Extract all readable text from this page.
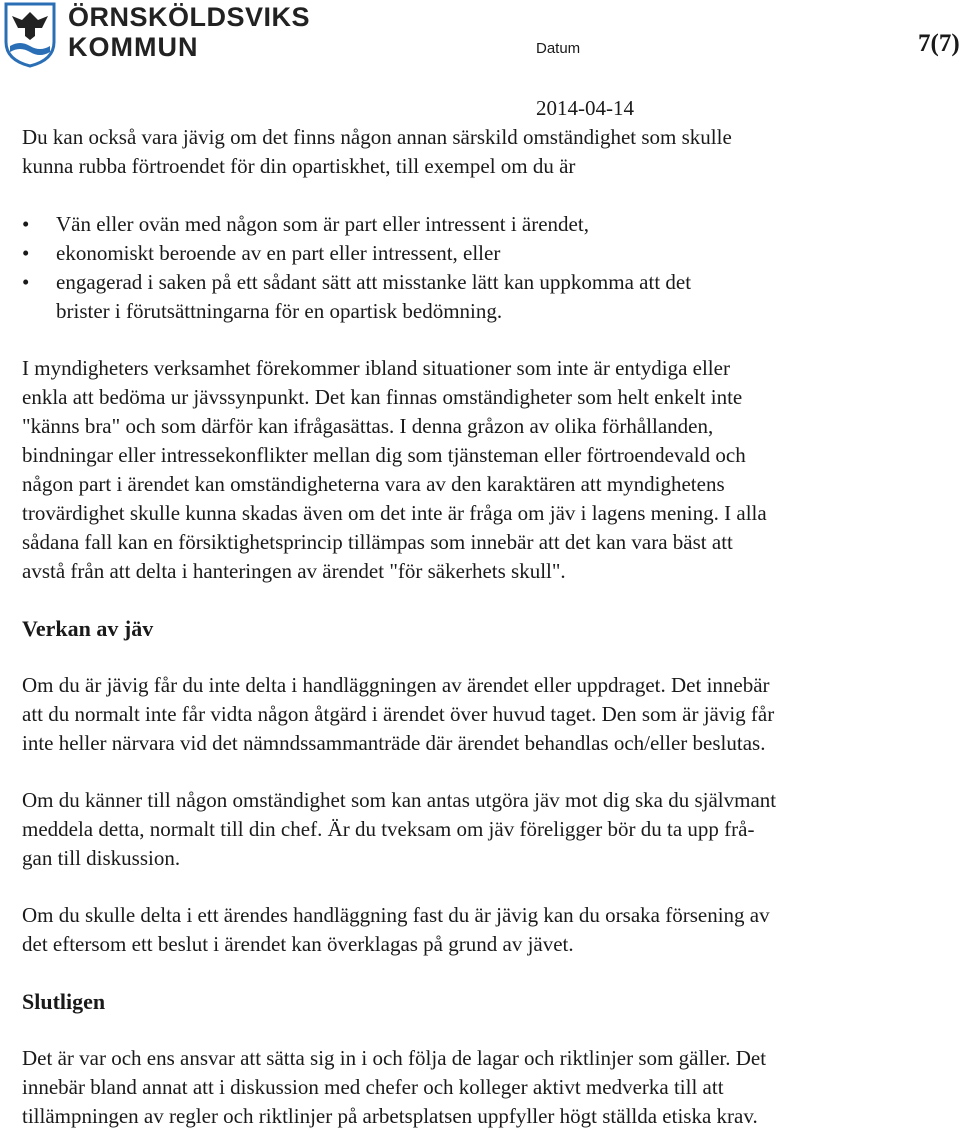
ÖRNSKÖLDSVIKS
KOMMUN	Datum	7(7)
2014-04-14

Du kan också vara jävig om det finns någon annan särskild omständighet som skulle

kunna rubba förtroendet för din opartiskhet, till exempel om du är

• Vän eller ovän med någon som är part eller intressent i ärendet,
• ekonomiskt beroende av en part eller intressent, eller
• engagerad i saken på ett sådant sätt att misstanke lätt kan uppkomma att det
brister i förutsättningarna för en opartisk bedömning.

I myndigheters verksamhet förekommer ibland situationer som inte är entydiga eller

enkla att bedöma ur jävssynpunkt. Det kan finnas omständigheter som helt enkelt inte

"känns bra" och som därför kan ifrågasättas. I denna gråzon av olika förhållanden,

bindningar eller intressekonflikter mellan dig som tjänsteman eller förtroendevald och

någon part i ärendet kan omständigheterna vara av den karaktären att myndighetens

trovärdighet skulle kunna skadas även om det inte är fråga om jäv i lagens mening. I alla

sådana fall kan en försiktighetsprincip tillämpas som innebär att det kan vara bäst att

avstå från att delta i hanteringen av ärendet "för säkerhets skull".

Verkan av jäv

Om du är jävig får du inte delta i handläggningen av ärendet eller uppdraget. Det innebär

att du normalt inte får vidta någon åtgärd i ärendet över huvud taget. Den som är jävig får

inte heller närvara vid det nämndssammanträde där ärendet behandlas och/eller beslutas.

Om du känner till någon omständighet som kan antas utgöra jäv mot dig ska du självmant

meddela detta, normalt till din chef. Är du tveksam om jäv föreligger bör du ta upp frå-

gan till diskussion.

Om du skulle delta i ett ärendes handläggning fast du är jävig kan du orsaka försening av

det eftersom ett beslut i ärendet kan överklagas på grund av jävet.

Slutligen

Det är var och ens ansvar att sätta sig in i och följa de lagar och riktlinjer som gäller. Det

innebär bland annat att i diskussion med chefer och kolleger aktivt medverka till att

tillämpningen av regler och riktlinjer på arbetsplatsen uppfyller högt ställda etiska krav.
